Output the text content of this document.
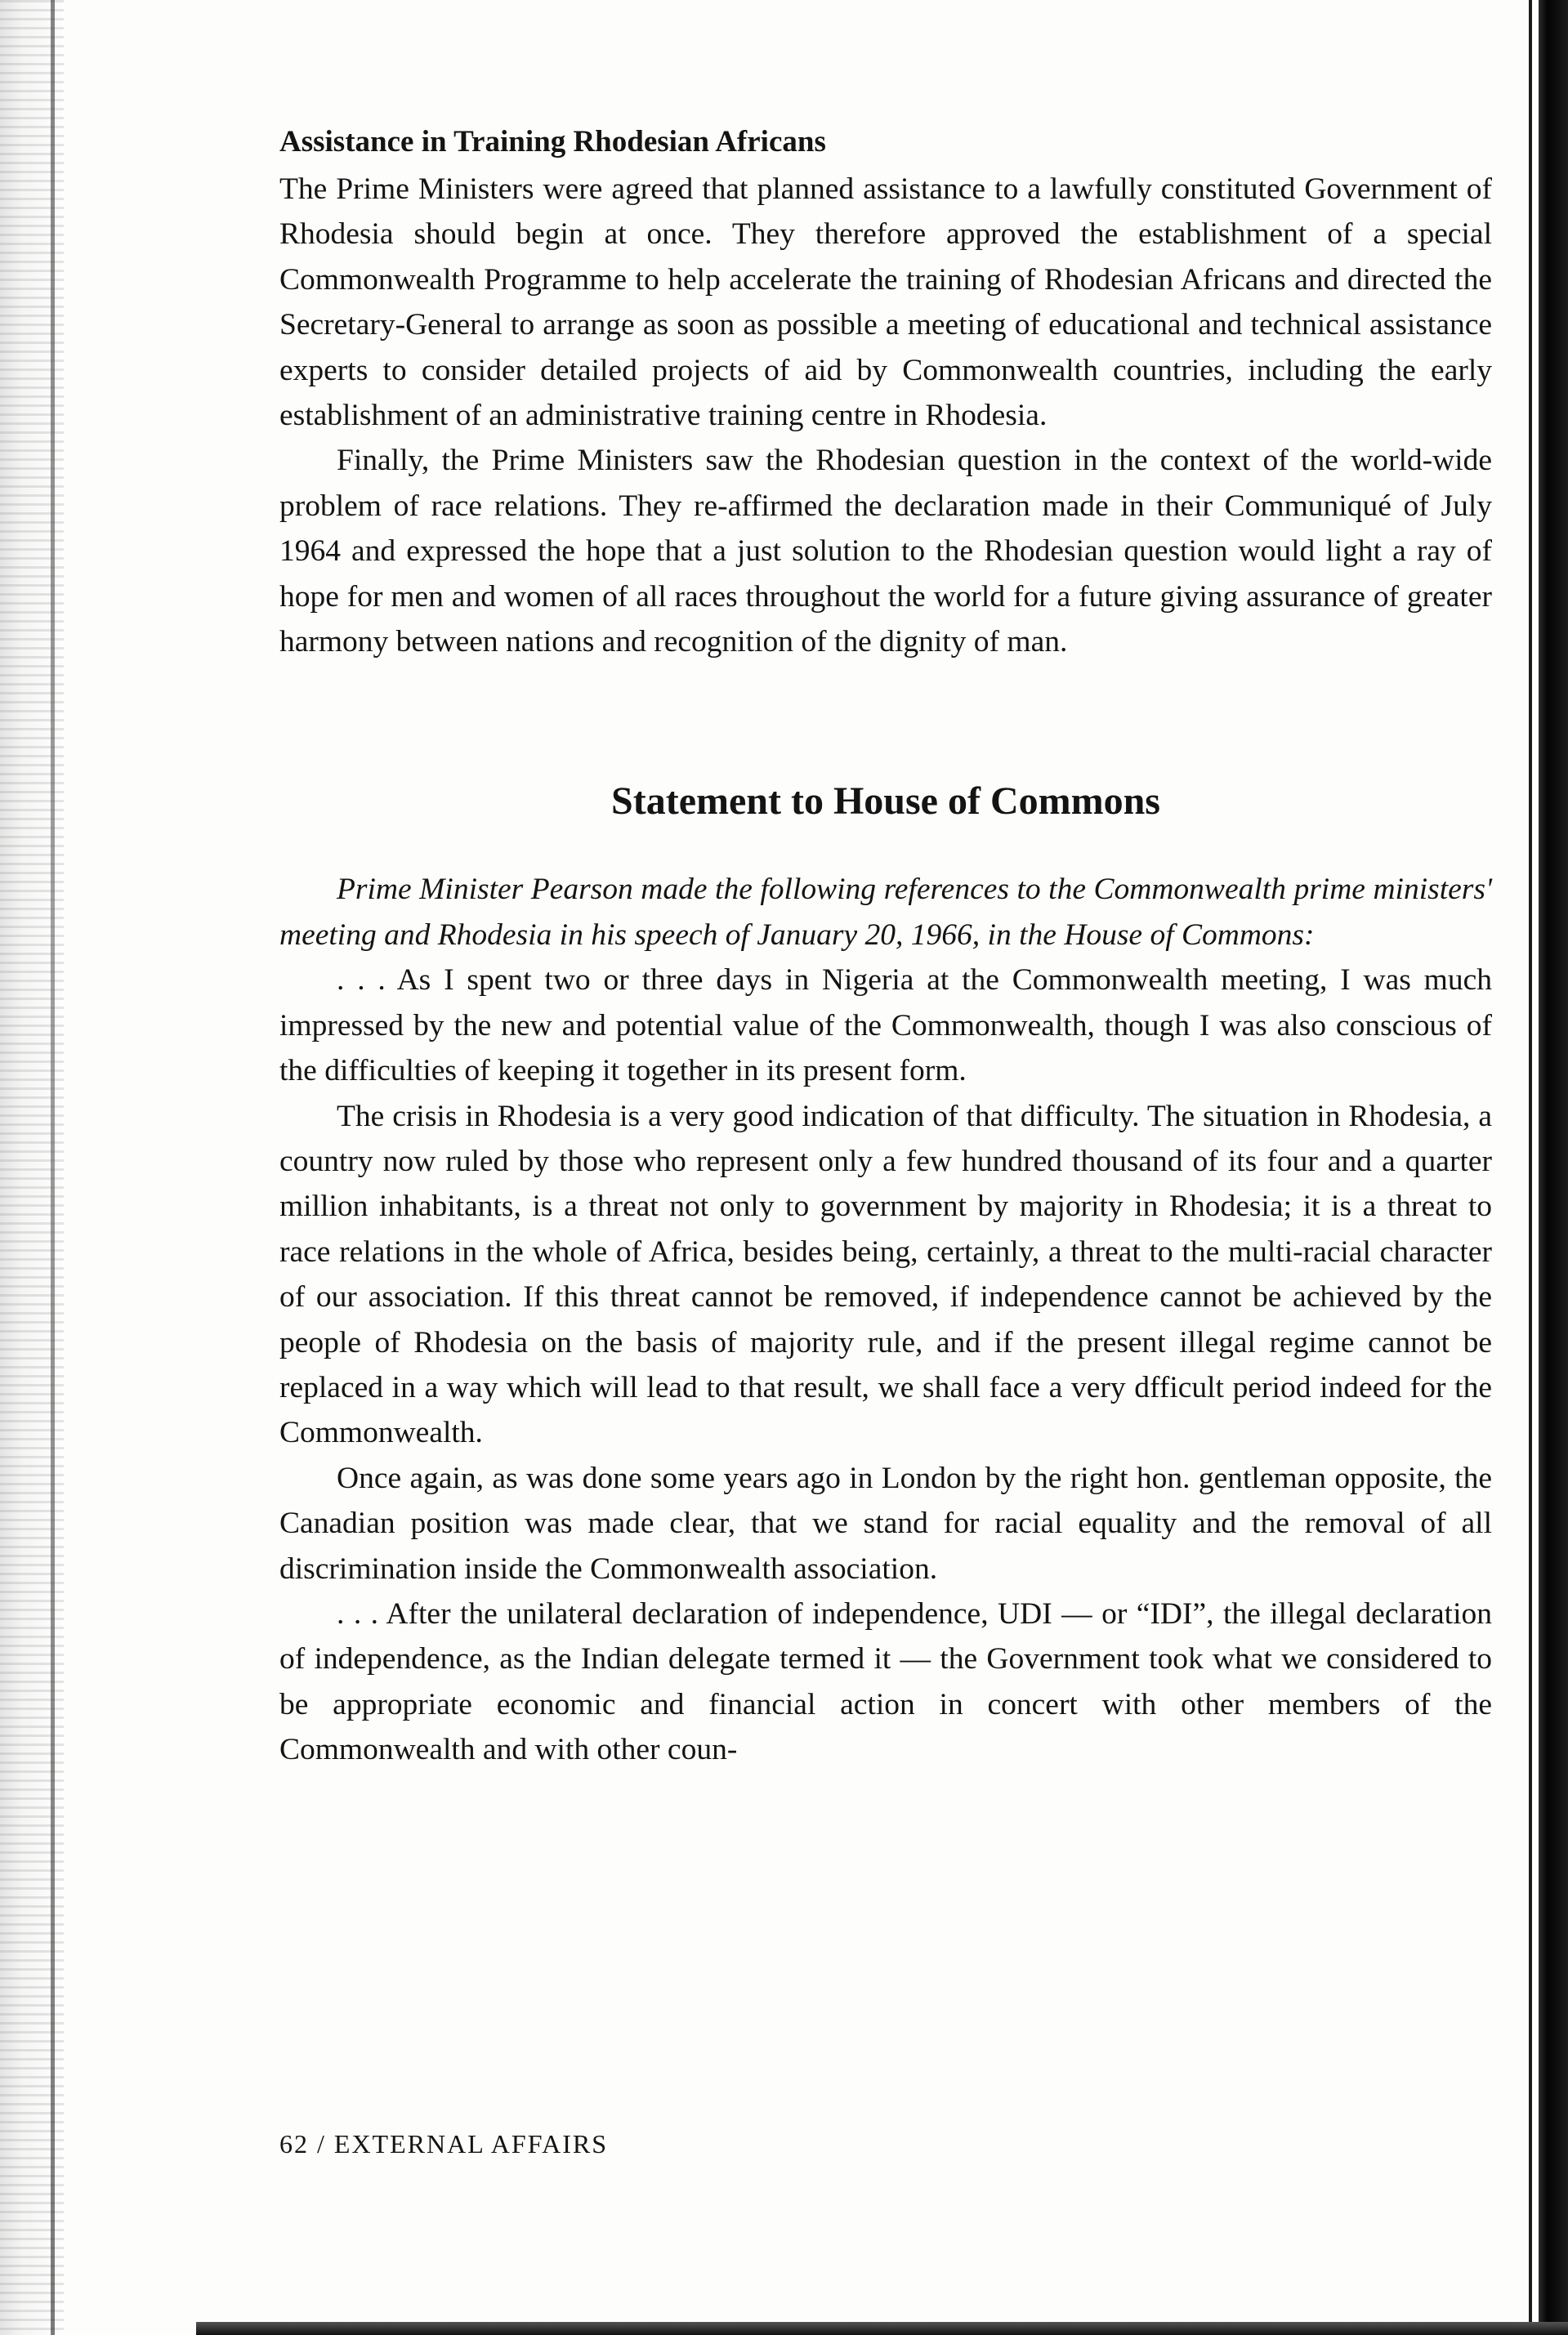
Assistance in Training Rhodesian Africans

The Prime Ministers were agreed that planned assistance to a lawfully constituted Government of Rhodesia should begin at once. They therefore approved the establishment of a special Commonwealth Programme to help accelerate the training of Rhodesian Africans and directed the Secretary-General to arrange as soon as possible a meeting of educational and technical assistance experts to consider detailed projects of aid by Commonwealth countries, including the early establishment of an administrative training centre in Rhodesia.

Finally, the Prime Ministers saw the Rhodesian question in the context of the world-wide problem of race relations. They re-affirmed the declaration made in their Communiqué of July 1964 and expressed the hope that a just solution to the Rhodesian question would light a ray of hope for men and women of all races throughout the world for a future giving assurance of greater harmony between nations and recognition of the dignity of man.

Statement to House of Commons

Prime Minister Pearson made the following references to the Commonwealth prime ministers' meeting and Rhodesia in his speech of January 20, 1966, in the House of Commons:

. . . As I spent two or three days in Nigeria at the Commonwealth meeting, I was much impressed by the new and potential value of the Commonwealth, though I was also conscious of the difficulties of keeping it together in its present form.

The crisis in Rhodesia is a very good indication of that difficulty. The situation in Rhodesia, a country now ruled by those who represent only a few hundred thousand of its four and a quarter million inhabitants, is a threat not only to government by majority in Rhodesia; it is a threat to race relations in the whole of Africa, besides being, certainly, a threat to the multi-racial character of our association. If this threat cannot be removed, if independence cannot be achieved by the people of Rhodesia on the basis of majority rule, and if the present illegal regime cannot be replaced in a way which will lead to that result, we shall face a very dfficult period indeed for the Commonwealth.

Once again, as was done some years ago in London by the right hon. gentleman opposite, the Canadian position was made clear, that we stand for racial equality and the removal of all discrimination inside the Commonwealth association.

. . . After the unilateral declaration of independence, UDI — or “IDI”, the illegal declaration of independence, as the Indian delegate termed it — the Government took what we considered to be appropriate economic and financial action in concert with other members of the Commonwealth and with other coun-

62 / EXTERNAL AFFAIRS
